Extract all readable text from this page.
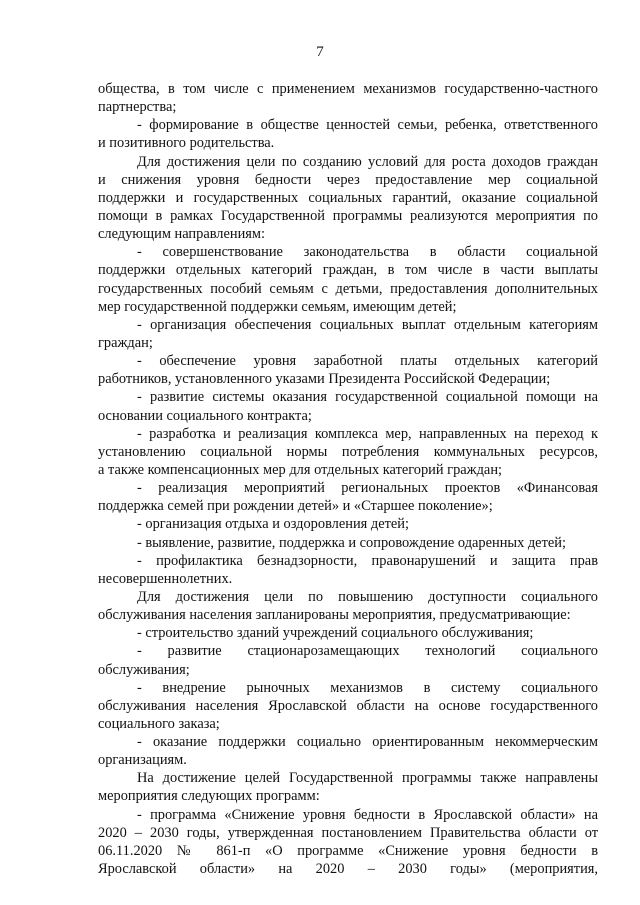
7
общества, в том числе с применением механизмов государственно-частного
партнерства;
- формирование в обществе ценностей семьи, ребенка, ответственного
и позитивного родительства.
Для достижения цели по созданию условий для роста доходов граждан
и снижения уровня бедности через предоставление мер социальной
поддержки и государственных социальных гарантий, оказание социальной
помощи в рамках Государственной программы реализуются мероприятия по
следующим направлениям:
- совершенствование законодательства в области социальной
поддержки отдельных категорий граждан, в том числе в части выплаты
государственных пособий семьям с детьми, предоставления дополнительных
мер государственной поддержки семьям, имеющим детей;
- организация обеспечения социальных выплат отдельным категориям
граждан;
- обеспечение уровня заработной платы отдельных категорий
работников, установленного указами Президента Российской Федерации;
- развитие системы оказания государственной социальной помощи на
основании социального контракта;
- разработка и реализация комплекса мер, направленных на переход к
установлению социальной нормы потребления коммунальных ресурсов,
а также компенсационных мер для отдельных категорий граждан;
- реализация мероприятий региональных проектов «Финансовая
поддержка семей при рождении детей» и «Старшее поколение»;
- организация отдыха и оздоровления детей;
- выявление, развитие, поддержка и сопровождение одаренных детей;
- профилактика безнадзорности, правонарушений и защита прав
несовершеннолетних.
Для достижения цели по повышению доступности социального
обслуживания населения запланированы мероприятия, предусматривающие:
- строительство зданий учреждений социального обслуживания;
- развитие стационарозамещающих технологий социального
обслуживания;
- внедрение рыночных механизмов в систему социального
обслуживания населения Ярославской области на основе государственного
социального заказа;
- оказание поддержки социально ориентированным некоммерческим
организациям.
На достижение целей Государственной программы также направлены
мероприятия следующих программ:
- программа «Снижение уровня бедности в Ярославской области» на
2020 – 2030 годы, утвержденная постановлением Правительства области от
06.11.2020 № 861-п «О программе «Снижение уровня бедности в
Ярославской области» на 2020 – 2030 годы» (мероприятия,
